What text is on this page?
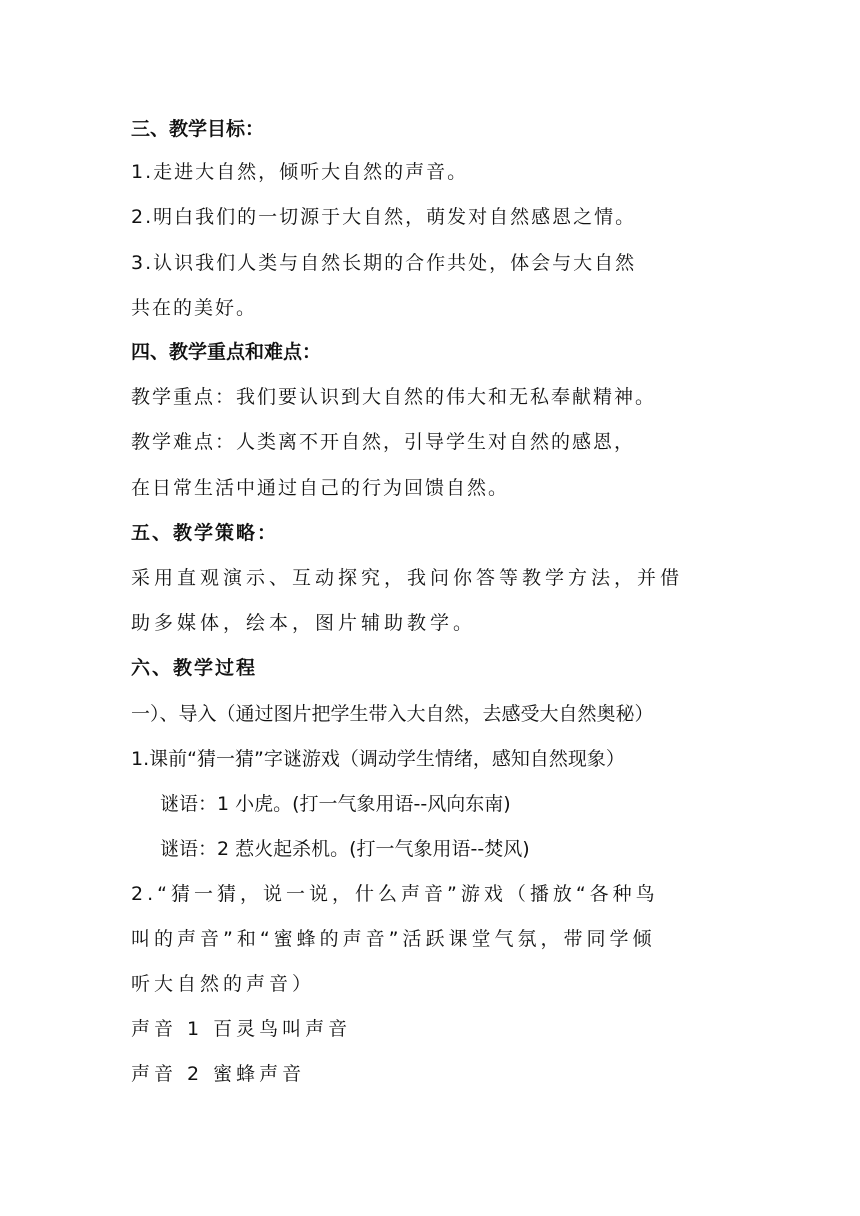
三、教学目标：
1.走进大自然，倾听大自然的声音。
2.明白我们的一切源于大自然，萌发对自然感恩之情。
3.认识我们人类与自然长期的合作共处，体会与大自然
共在的美好。
四、教学重点和难点：
教学重点：我们要认识到大自然的伟大和无私奉献精神。
教学难点：人类离不开自然，引导学生对自然的感恩，
在日常生活中通过自己的行为回馈自然。
五、教学策略：
采用直观演示、互动探究，我问你答等教学方法，并借
助多媒体，绘本，图片辅助教学。
六、教学过程
一）、导入（通过图片把学生带入大自然，去感受大自然奥秘）
1.课前“猜一猜”字谜游戏（调动学生情绪，感知自然现象）
谜语：1 小虎。(打一气象用语--风向东南)
谜语：2 惹火起杀机。(打一气象用语--焚风)
2.“猜一猜，说一说，什么声音”游戏（播放“各种鸟
叫的声音”和“蜜蜂的声音”活跃课堂气氛，带同学倾
听大自然的声音）
声音 1 百灵鸟叫声音
声音 2 蜜蜂声音
